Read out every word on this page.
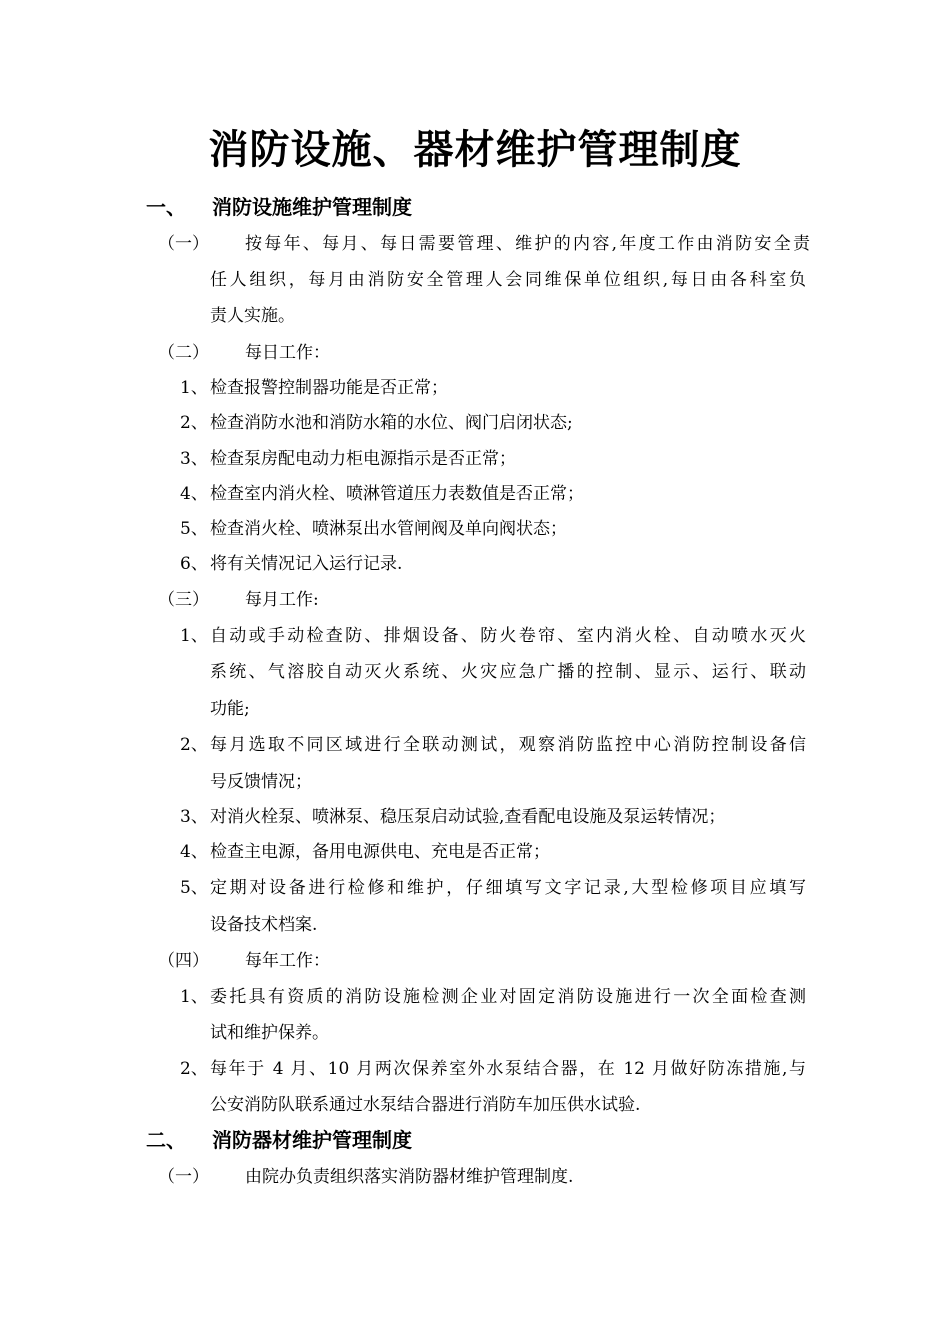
消防设施、器材维护管理制度
一、 消防设施维护管理制度
（一） 按每年、每月、每日需要管理、维护的内容,年度工作由消防安全责
任人组织，每月由消防安全管理人会同维保单位组织,每日由各科室负
责人实施。
（二） 每日工作：
1、 检查报警控制器功能是否正常；
2、 检查消防水池和消防水箱的水位、阀门启闭状态;
3、 检查泵房配电动力柜电源指示是否正常；
4、 检查室内消火栓、喷淋管道压力表数值是否正常；
5、 检查消火栓、喷淋泵出水管闸阀及单向阀状态；
6、 将有关情况记入运行记录.
（三） 每月工作:
1、 自动或手动检查防、排烟设备、防火卷帘、室内消火栓、自动喷水灭火
系统、气溶胶自动灭火系统、火灾应急广播的控制、显示、运行、联动
功能;
2、 每月选取不同区域进行全联动测试，观察消防监控中心消防控制设备信
号反馈情况；
3、 对消火栓泵、喷淋泵、稳压泵启动试验,查看配电设施及泵运转情况；
4、 检查主电源，备用电源供电、充电是否正常；
5、 定期对设备进行检修和维护，仔细填写文字记录,大型检修项目应填写
设备技术档案.
（四） 每年工作：
1、 委托具有资质的消防设施检测企业对固定消防设施进行一次全面检查测
试和维护保养。
2、 每年于 4 月、10 月两次保养室外水泵结合器，在 12 月做好防冻措施,与
公安消防队联系通过水泵结合器进行消防车加压供水试验.
二、 消防器材维护管理制度
（一） 由院办负责组织落实消防器材维护管理制度.
